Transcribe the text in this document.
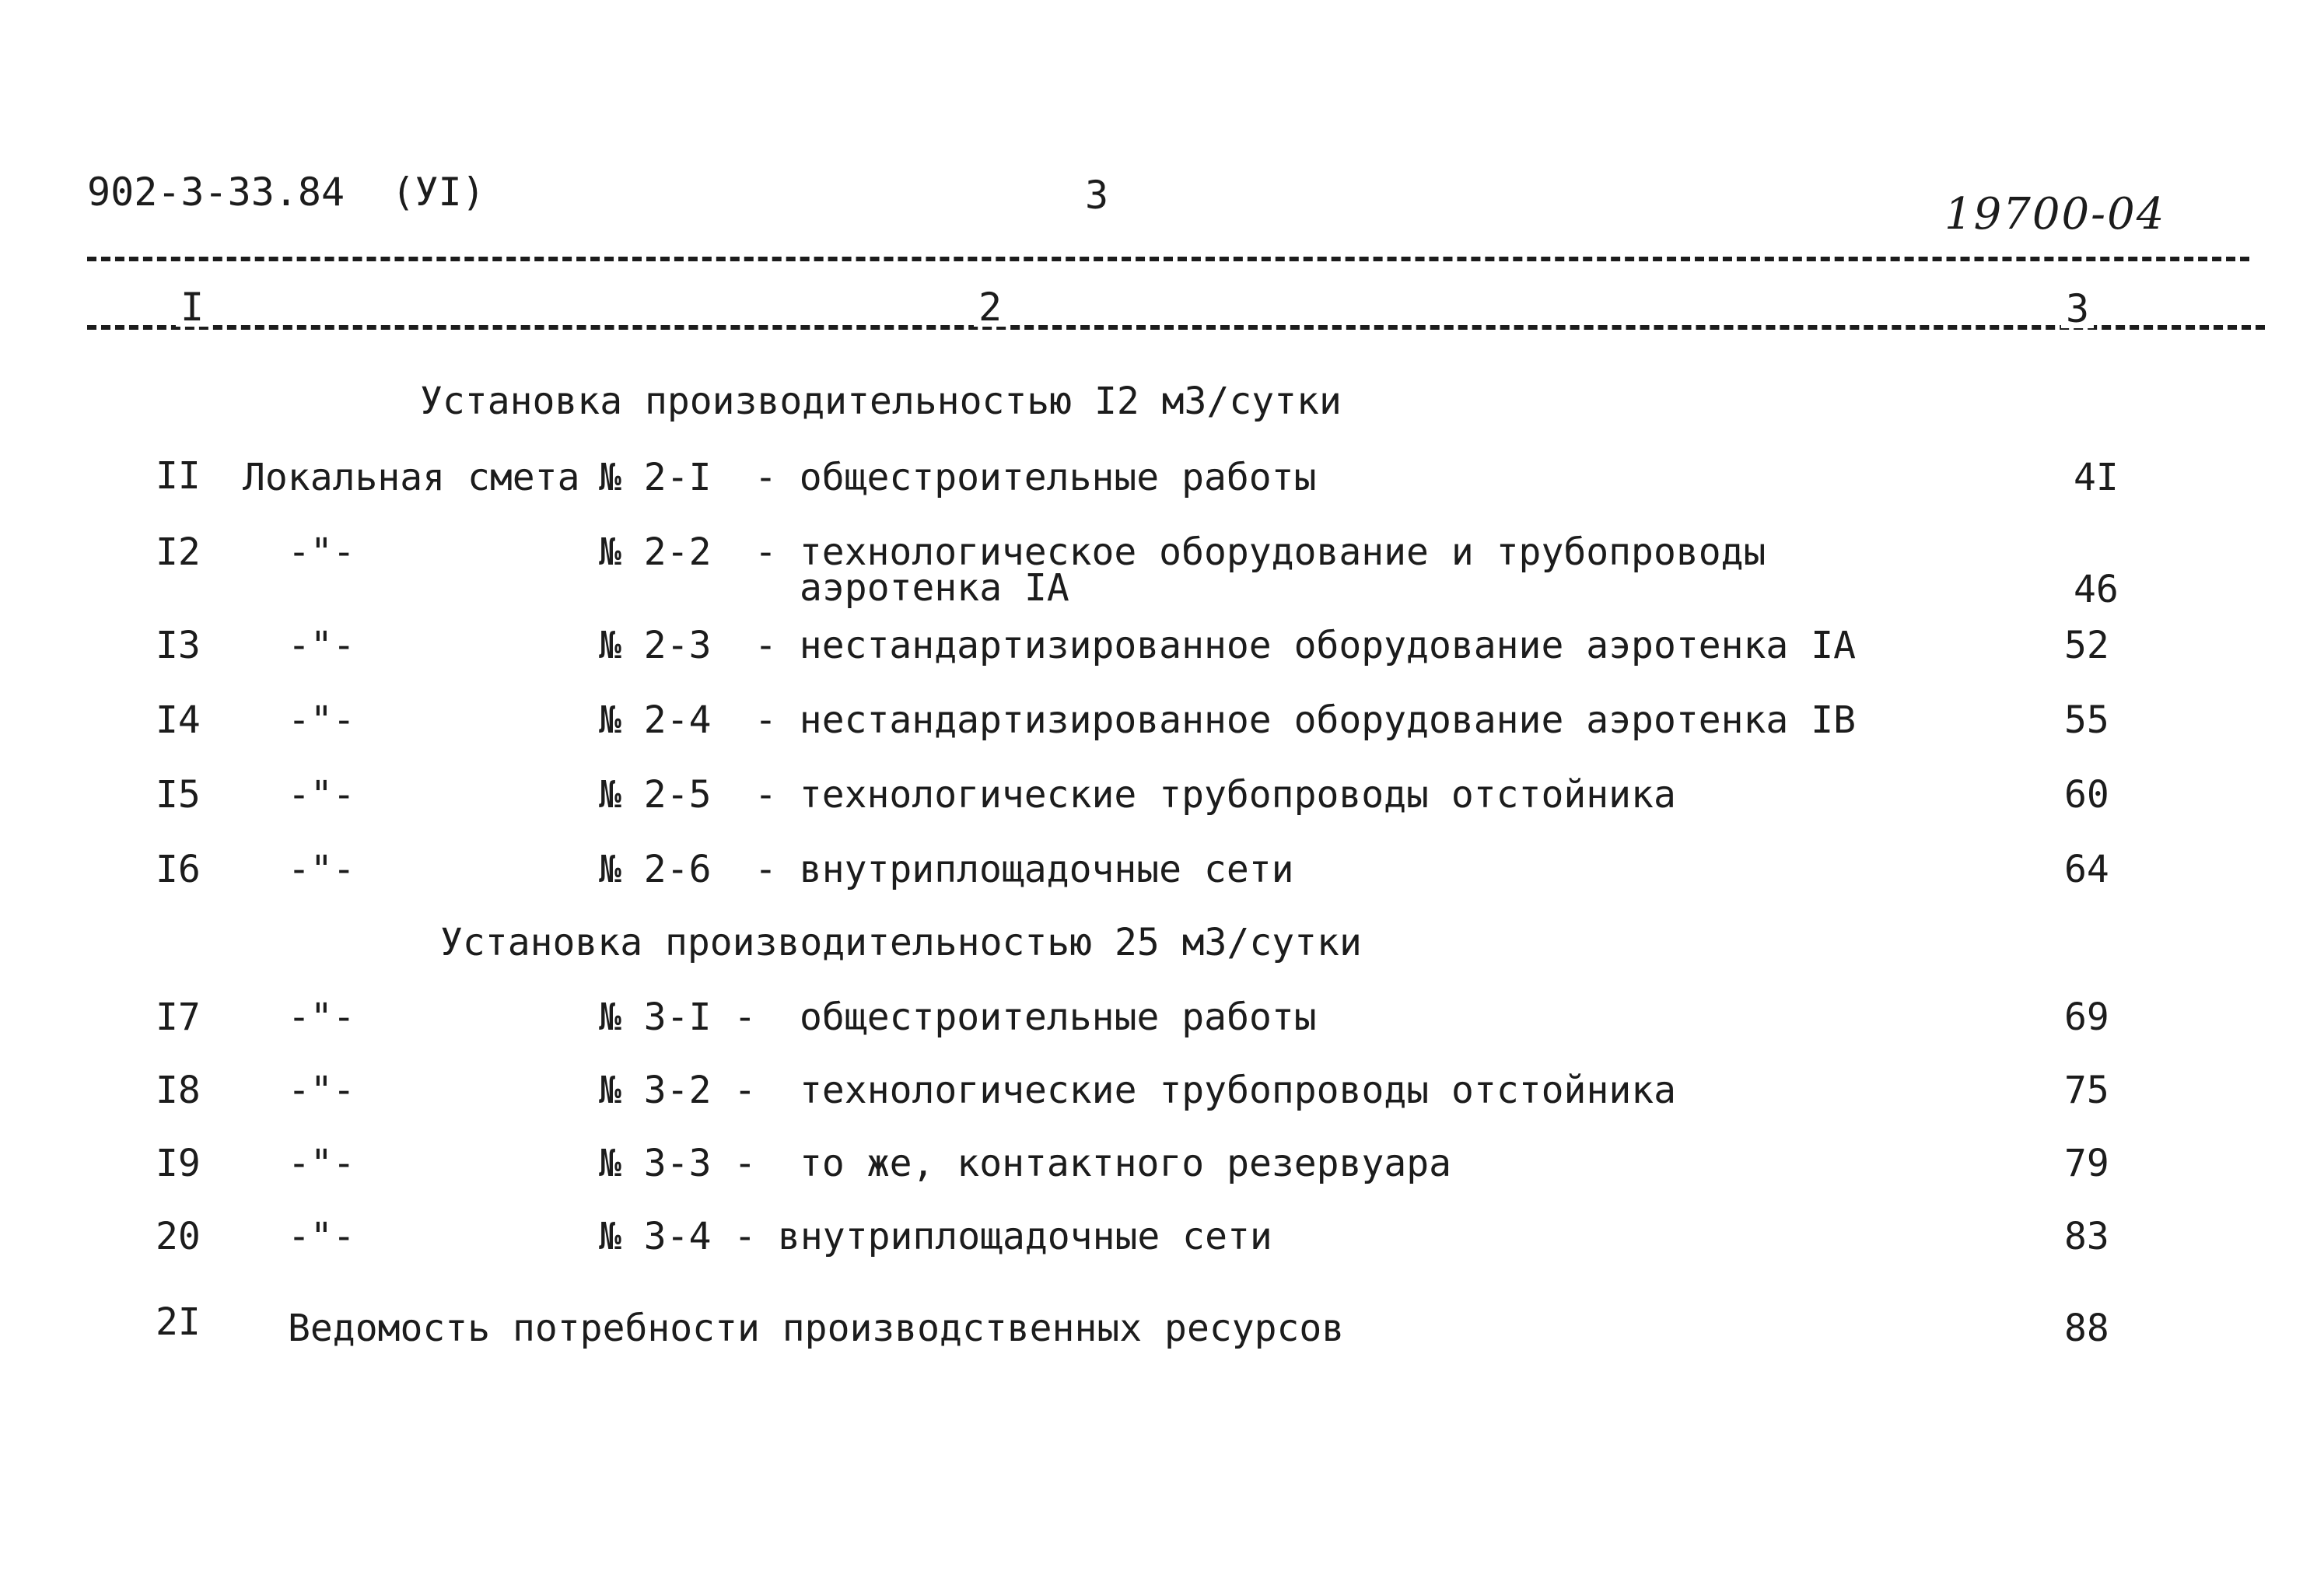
902-3-33.84  (УI)	3	19700-04
I	2	3
Установка производительностью I2 м3/сутки
II Локальная смета № 2-I - общестроительные работы	4I
I2 -"-	№ 2-2 - технологическое оборудование и трубопроводы
аэротенка IА	46
I3 -"-	№ 2-3 - нестандартизированное оборудование аэротенка IА	52
I4 -"-	№ 2-4 - нестандартизированное оборудование аэротенка IВ	55
I5 -"-	№ 2-5 - технологические трубопроводы отстойника	60
I6 -"-	№ 2-6 - внутриплощадочные сети	64
Установка производительностью 25 м3/сутки
I7 -"-	№ 3-I - общестроительные работы	69
I8 -"-	№ 3-2 - технологические трубопроводы отстойника	75
I9 -"-	№ 3-3 - то же, контактного резервуара	79
20 -"-	№ 3-4 - внутриплощадочные сети	83
2I Ведомость потребности производственных ресурсов	88
